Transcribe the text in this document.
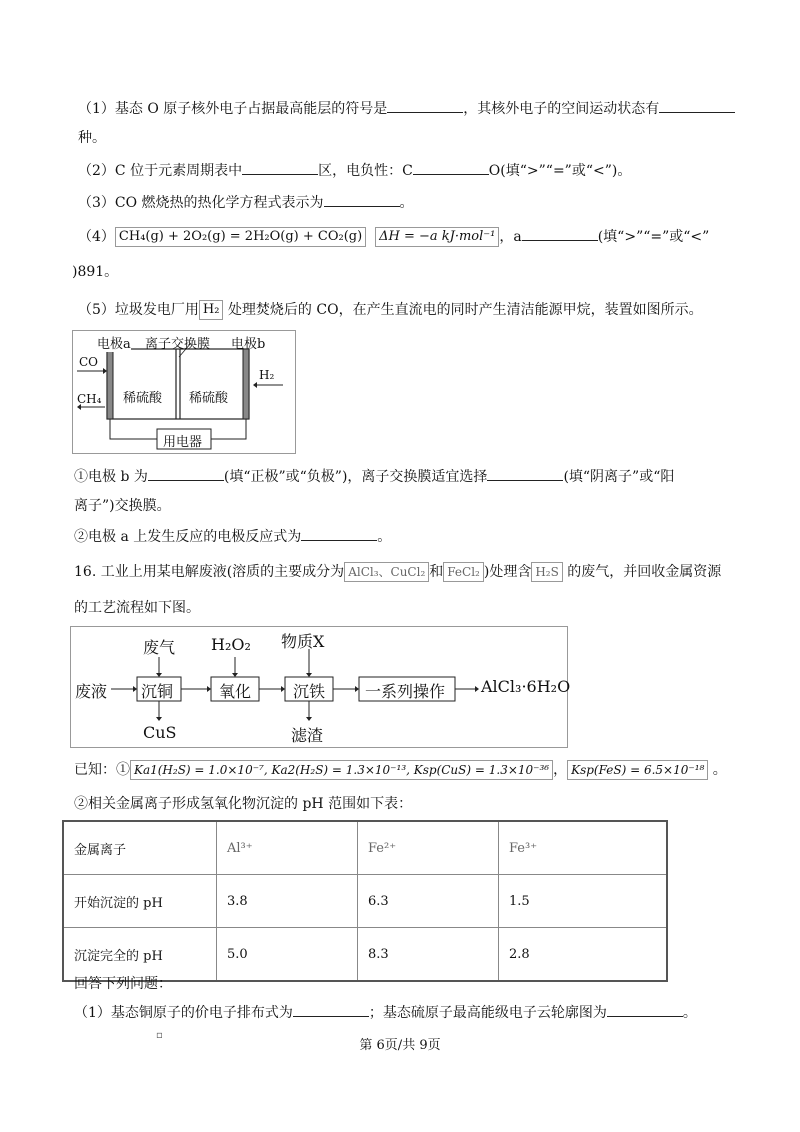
（1）基态 O 原子核外电子占据最高能层的符号是	，其核外电子的空间运动状态有
种。
（2）C 位于元素周期表中	区，电负性：C	O(填“>”“=”或“<”)。
（3）CO 燃烧热的热化学方程式表示为	。
（4） CH₄(g) + 2O₂(g) = 2H₂O(g) + CO₂(g) ΔH = −a kJ·mol⁻¹ ，a	(填“>”“=”或“<”
)891。
（5）垃圾发电厂用 H₂ 处理焚烧后的 CO，在产生直流电的同时产生清洁能源甲烷，装置如图所示。
电极a 离子交换膜 电极b
CO
CH₄
H₂
稀硫酸 稀硫酸
用电器
①电极 b 为	(填“正极”或“负极”)，离子交换膜适宜选择	(填“阴离子”或“阳
离子”)交换膜。
②电极 a 上发生反应的电极反应式为	。
16. 工业上用某电解废液(溶质的主要成分为 AlCl₃、CuCl₂ 和 FeCl₂ )处理含 H₂S 的废气，并回收金属资源
的工艺流程如下图。
废液
废气 H₂O₂ 物质X
沉铜	氧化	沉铁 一系列操作 AlCl₃·6H₂O
CuS	滤渣
已知：① Ka1(H₂S) = 1.0×10⁻⁷, Ka2(H₂S) = 1.3×10⁻¹³, Ksp(CuS) = 1.3×10⁻³⁶ ， Ksp(FeS) = 6.5×10⁻¹⁸ 。
②相关金属离子形成氢氧化物沉淀的 pH 范围如下表：
金属离子	Al³⁺	Fe²⁺	Fe³⁺
开始沉淀的 pH	3.8	6.3	1.5
沉淀完全的 pH	5.0	8.3	2.8
回答下列问题：
（1）基态铜原子的价电子排布式为	；基态硫原子最高能级电子云轮廓图为	。
▫
第 6页/共 9页
